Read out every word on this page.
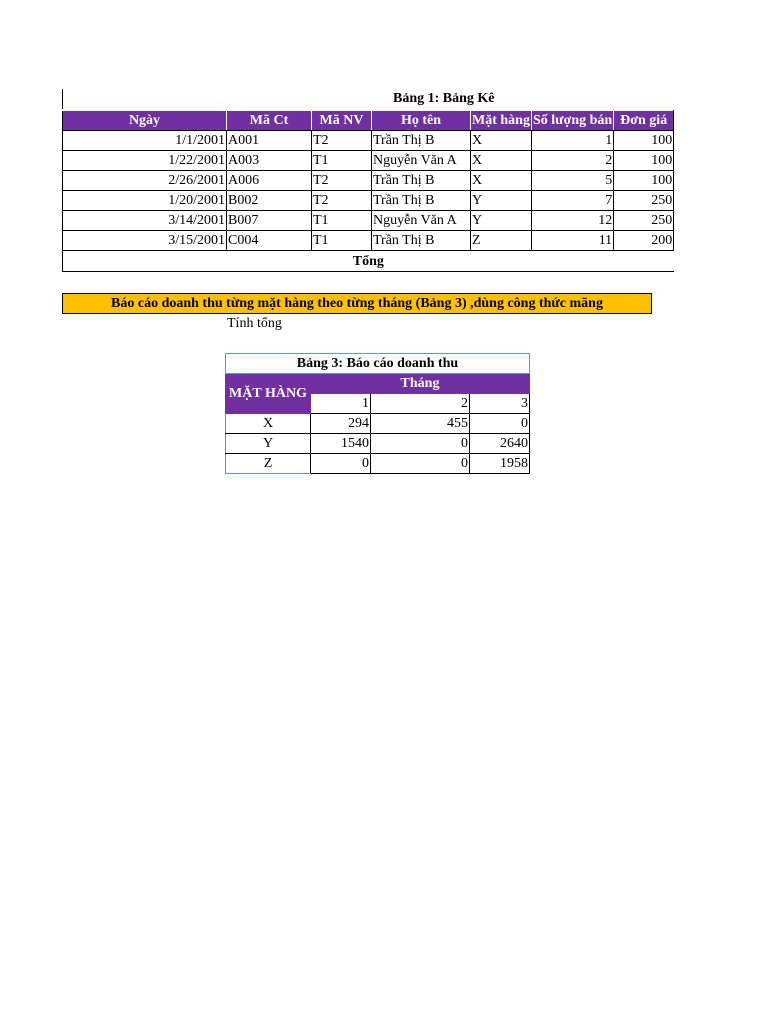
Bảng 1: Bảng Kê
Ngày	Mã Ct	Mã NV	Họ tên	Mặt hàng	Số lượng bán	Đơn giá
1/1/2001	A001	T2	Trần Thị B	X	1	100
1/22/2001	A003	T1	Nguyễn Văn A	X	2	100
2/26/2001	A006	T2	Trần Thị B	X	5	100
1/20/2001	B002	T2	Trần Thị B	Y	7	250
3/14/2001	B007	T1	Nguyễn Văn A	Y	12	250
3/15/2001	C004	T1	Trần Thị B	Z	11	200
Tổng						
Báo cáo doanh thu từng mặt hàng theo từng tháng (Bảng 3) ,dùng công thức mãng
Tính tổng
Bảng 3: Báo cáo doanh thu			
MẶT HÀNG	Tháng		
	1	2	3
X	294	455	0
Y	1540	0	2640
Z	0	0	1958
